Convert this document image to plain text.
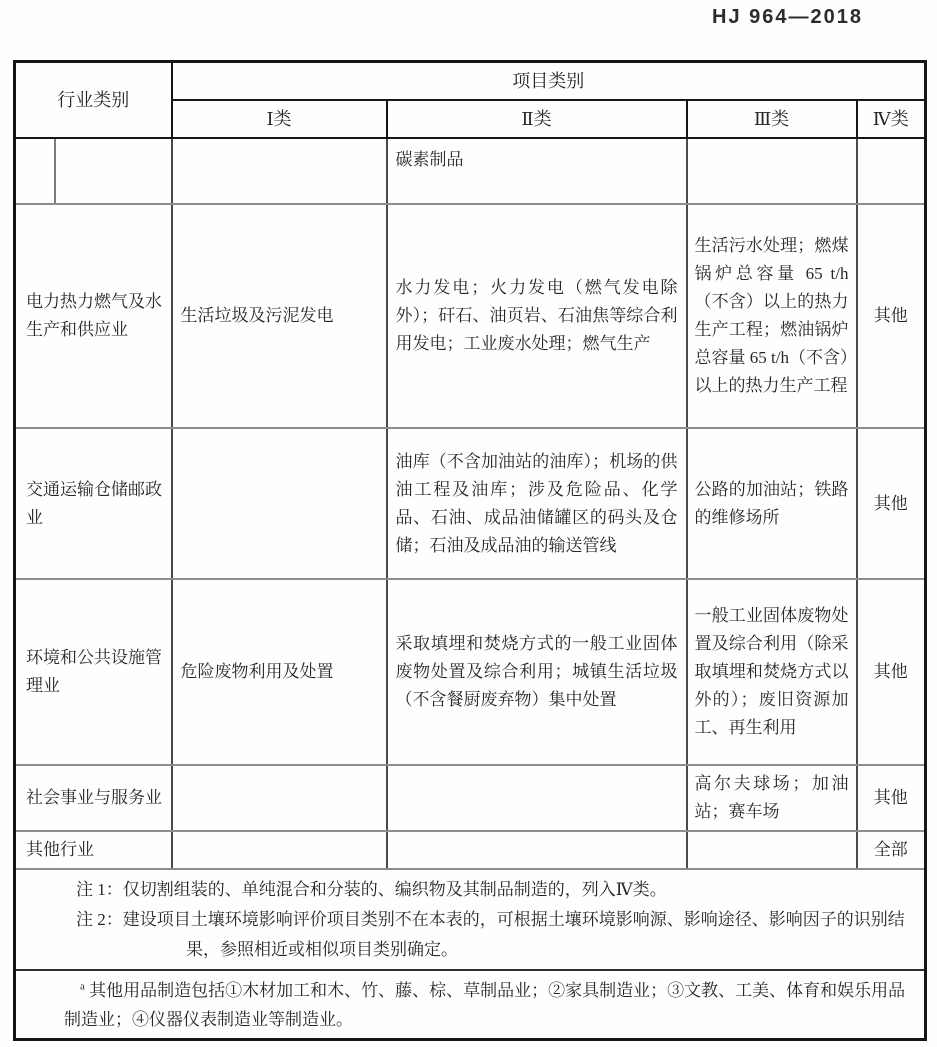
HJ 964—2018
行业类别		项目类别			
		Ⅰ类	Ⅱ类	Ⅲ类	Ⅳ类
			碳素制品		
电力热力燃气及水生产和供应业		生活垃圾及污泥发电	水力发电；火力发电（燃气发电除外）；矸石、油页岩、石油焦等综合利用发电；工业废水处理；燃气生产	生活污水处理；燃煤锅炉总容量 65 t/h（不含）以上的热力生产工程；燃油锅炉总容量 65 t/h（不含）以上的热力生产工程	其他
交通运输仓储邮政业			油库（不含加油站的油库）；机场的供油工程及油库；涉及危险品、化学品、石油、成品油储罐区的码头及仓储；石油及成品油的输送管线	公路的加油站；铁路的维修场所	其他
环境和公共设施管理业		危险废物利用及处置	采取填埋和焚烧方式的一般工业固体废物处置及综合利用；城镇生活垃圾（不含餐厨废弃物）集中处置	一般工业固体废物处置及综合利用（除采取填埋和焚烧方式以外的）；废旧资源加工、再生利用	其他
社会事业与服务业				高尔夫球场；加油站；赛车场	其他
其他行业					全部

注 1：仅切割组装的、单纯混合和分装的、编织物及其制品制造的，列入Ⅳ类。

注 2：建设项目土壤环境影响评价项目类别不在本表的，可根据土壤环境影响源、影响途径、影响因子的识别结果，参照相近或相似项目类别确定。					

$^a$ 其他用品制造包括①木材加工和木、竹、藤、棕、草制品业；②家具制造业；③文教、工美、体育和娱乐用品制造业；④仪器仪表制造业等制造业。					
